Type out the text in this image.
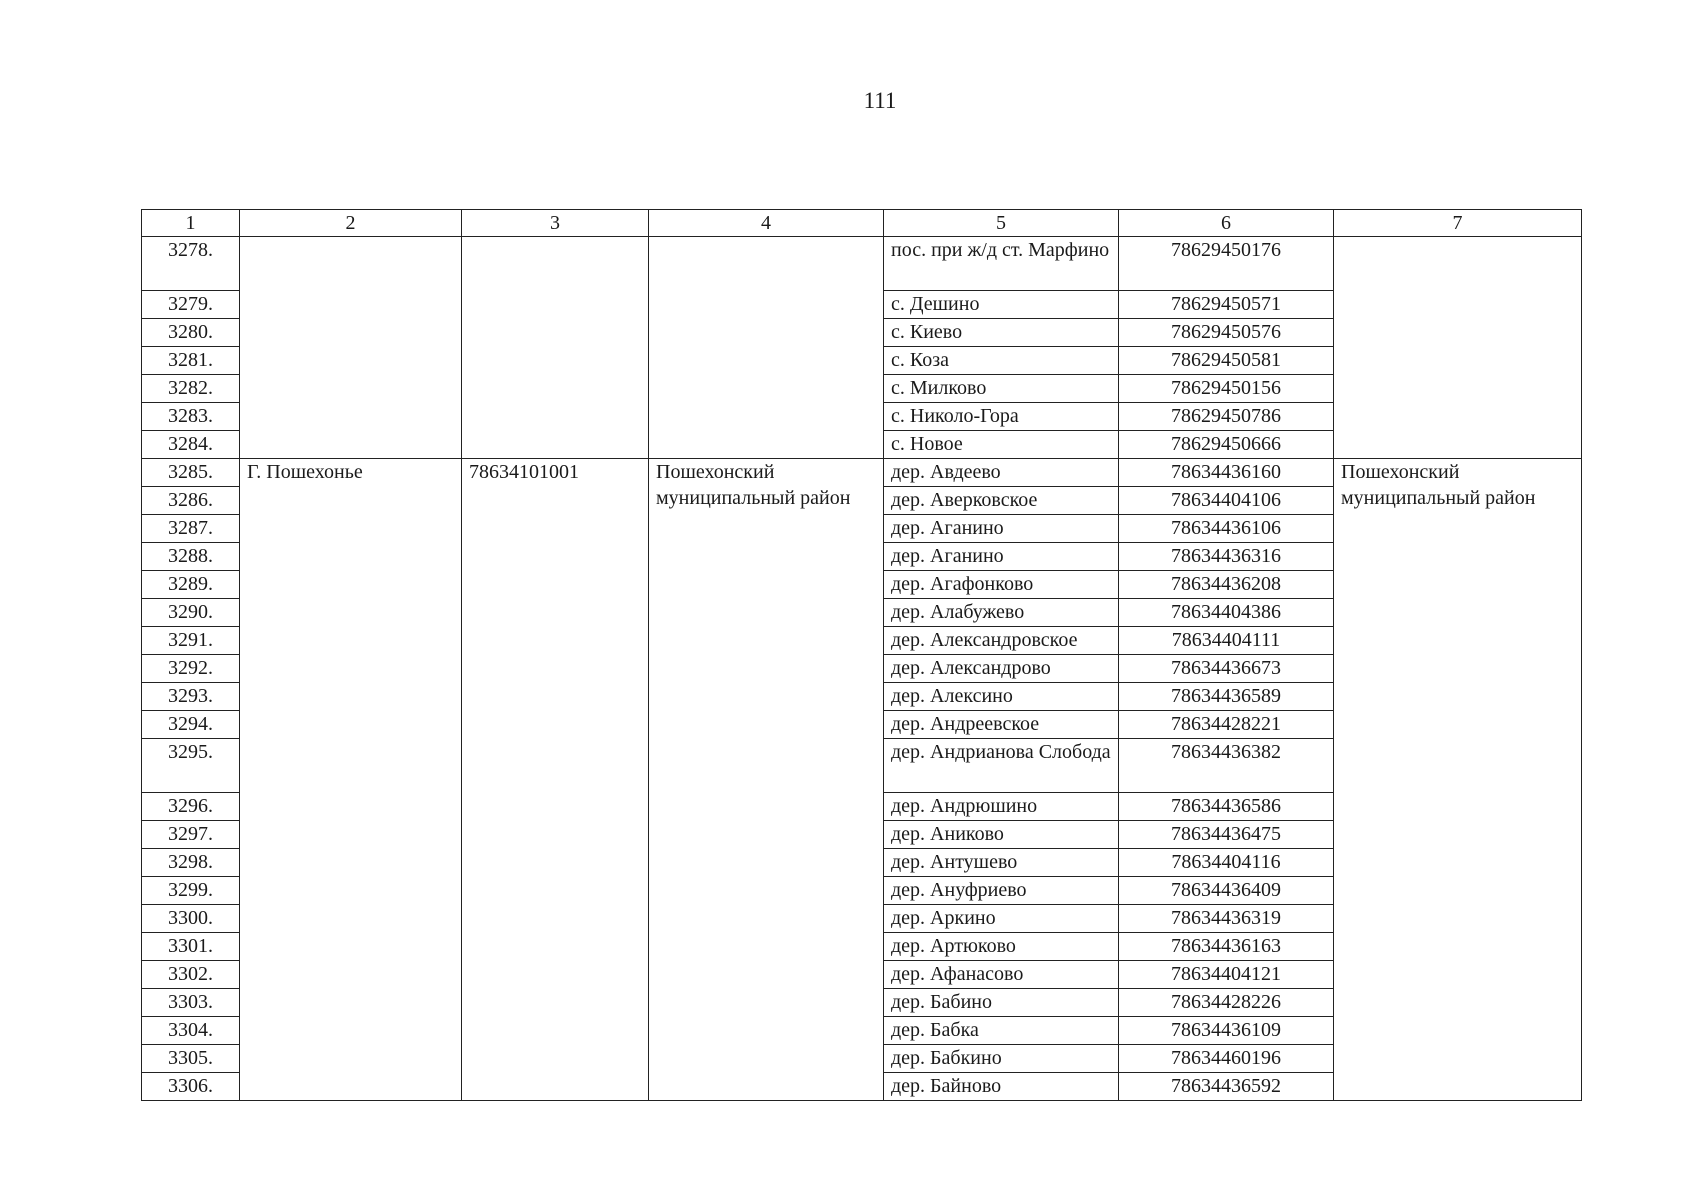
111
1	2	3	4	5	6	7
3278.				пос. при ж/д ст. Марфино	78629450176	
3279.				с. Дешино	78629450571	
3280.				с. Киево	78629450576	
3281.				с. Коза	78629450581	
3282.				с. Милково	78629450156	
3283.				с. Николо-Гора	78629450786	
3284.				с. Новое	78629450666	
3285.	Г. Пошехонье	78634101001	Пошехонский муниципальный район	дер. Авдеево	78634436160	Пошехонский муниципальный район
3286.				дер. Аверковское	78634404106	
3287.				дер. Аганино	78634436106	
3288.				дер. Аганино	78634436316	
3289.				дер. Агафонково	78634436208	
3290.				дер. Алабужево	78634404386	
3291.				дер. Александровское	78634404111	
3292.				дер. Александрово	78634436673	
3293.				дер. Алексино	78634436589	
3294.				дер. Андреевское	78634428221	
3295.				дер. Андрианова Слобода	78634436382	
3296.				дер. Андрюшино	78634436586	
3297.				дер. Аниково	78634436475	
3298.				дер. Антушево	78634404116	
3299.				дер. Ануфриево	78634436409	
3300.				дер. Аркино	78634436319	
3301.				дер. Артюково	78634436163	
3302.				дер. Афанасово	78634404121	
3303.				дер. Бабино	78634428226	
3304.				дер. Бабка	78634436109	
3305.				дер. Бабкино	78634460196	
3306.				дер. Байново	78634436592	
